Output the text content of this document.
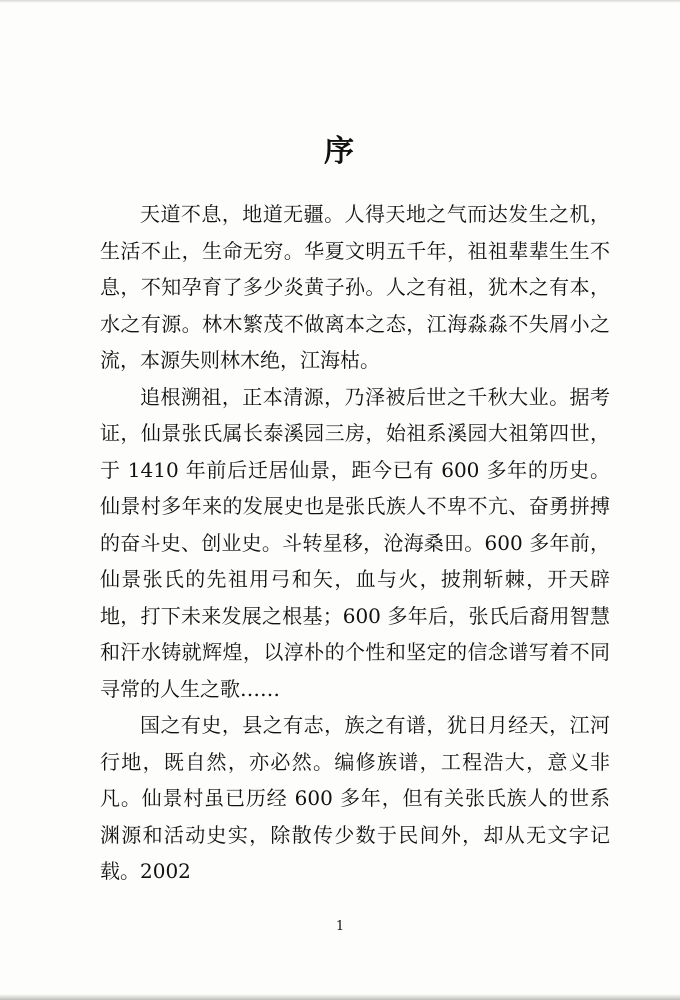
序

天道不息，地道无疆。人得天地之气而达发生之机，生活不止，生命无穷。华夏文明五千年，祖祖辈辈生生不息，不知孕育了多少炎黄子孙。人之有祖，犹木之有本，水之有源。林木繁茂不做离本之态，江海淼淼不失屑小之流，本源失则林木绝，江海枯。

追根溯祖，正本清源，乃泽被后世之千秋大业。据考证，仙景张氏属长泰溪园三房，始祖系溪园大祖第四世，于 1410 年前后迁居仙景，距今已有 600 多年的历史。仙景村多年来的发展史也是张氏族人不卑不亢、奋勇拼搏的奋斗史、创业史。斗转星移，沧海桑田。600 多年前，仙景张氏的先祖用弓和矢，血与火，披荆斩棘，开天辟地，打下未来发展之根基；600 多年后，张氏后裔用智慧和汗水铸就辉煌，以淳朴的个性和坚定的信念谱写着不同寻常的人生之歌……

国之有史，县之有志，族之有谱，犹日月经天，江河行地，既自然，亦必然。编修族谱，工程浩大，意义非凡。仙景村虽已历经 600 多年，但有关张氏族人的世系渊源和活动史实，除散传少数于民间外，却从无文字记载。2002

1
